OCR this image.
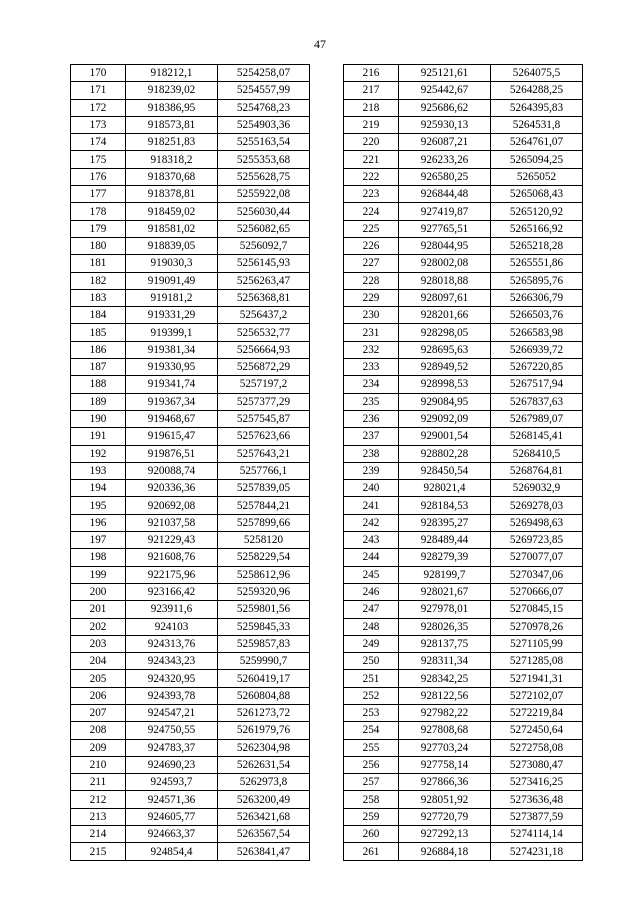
47
170	918212,1	5254258,07
171	918239,02	5254557,99
172	918386,95	5254768,23
173	918573,81	5254903,36
174	918251,83	5255163,54
175	918318,2	5255353,68
176	918370,68	5255628,75
177	918378,81	5255922,08
178	918459,02	5256030,44
179	918581,02	5256082,65
180	918839,05	5256092,7
181	919030,3	5256145,93
182	919091,49	5256263,47
183	919181,2	5256368,81
184	919331,29	5256437,2
185	919399,1	5256532,77
186	919381,34	5256664,93
187	919330,95	5256872,29
188	919341,74	5257197,2
189	919367,34	5257377,29
190	919468,67	5257545,87
191	919615,47	5257623,66
192	919876,51	5257643,21
193	920088,74	5257766,1
194	920336,36	5257839,05
195	920692,08	5257844,21
196	921037,58	5257899,66
197	921229,43	5258120
198	921608,76	5258229,54
199	922175,96	5258612,96
200	923166,42	5259320,96
201	923911,6	5259801,56
202	924103	5259845,33
203	924313,76	5259857,83
204	924343,23	5259990,7
205	924320,95	5260419,17
206	924393,78	5260804,88
207	924547,21	5261273,72
208	924750,55	5261979,76
209	924783,37	5262304,98
210	924690,23	5262631,54
211	924593,7	5262973,8
212	924571,36	5263200,49
213	924605,77	5263421,68
214	924663,37	5263567,54
215	924854,4	5263841,47
216	925121,61	5264075,5
217	925442,67	5264288,25
218	925686,62	5264395,83
219	925930,13	5264531,8
220	926087,21	5264761,07
221	926233,26	5265094,25
222	926580,25	5265052
223	926844,48	5265068,43
224	927419,87	5265120,92
225	927765,51	5265166,92
226	928044,95	5265218,28
227	928002,08	5265551,86
228	928018,88	5265895,76
229	928097,61	5266306,79
230	928201,66	5266503,76
231	928298,05	5266583,98
232	928695,63	5266939,72
233	928949,52	5267220,85
234	928998,53	5267517,94
235	929084,95	5267837,63
236	929092,09	5267989,07
237	929001,54	5268145,41
238	928802,28	5268410,5
239	928450,54	5268764,81
240	928021,4	5269032,9
241	928184,53	5269278,03
242	928395,27	5269498,63
243	928489,44	5269723,85
244	928279,39	5270077,07
245	928199,7	5270347,06
246	928021,67	5270666,07
247	927978,01	5270845,15
248	928026,35	5270978,26
249	928137,75	5271105,99
250	928311,34	5271285,08
251	928342,25	5271941,31
252	928122,56	5272102,07
253	927982,22	5272219,84
254	927808,68	5272450,64
255	927703,24	5272758,08
256	927758,14	5273080,47
257	927866,36	5273416,25
258	928051,92	5273636,48
259	927720,79	5273877,59
260	927292,13	5274114,14
261	926884,18	5274231,18
